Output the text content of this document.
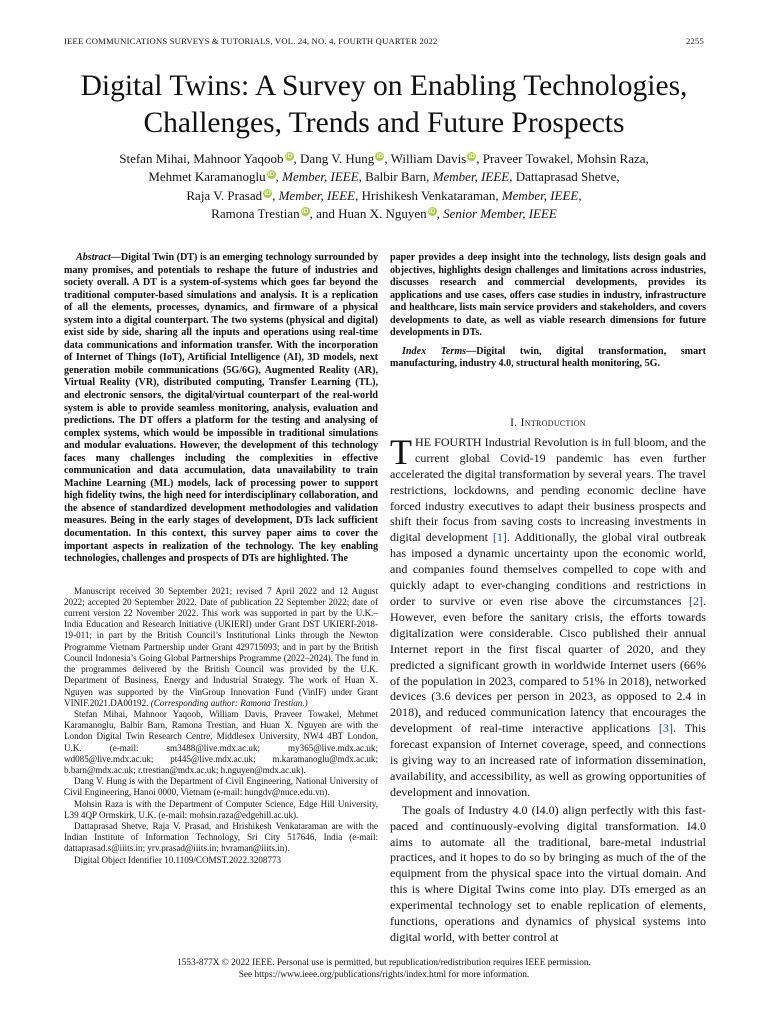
IEEE COMMUNICATIONS SURVEYS & TUTORIALS, VOL. 24, NO. 4, FOURTH QUARTER 2022	2255
Digital Twins: A Survey on Enabling Technologies,
Challenges, Trends and Future Prospects
Stefan Mihai, Mahnoor Yaqoob iD, Dang V. Hung iD, William Davis iD, Praveer Towakel, Mohsin Raza,
Mehmet Karamanoglu iD, Member, IEEE, Balbir Barn, Member, IEEE, Dattaprasad Shetve,
Raja V. Prasad iD, Member, IEEE, Hrishikesh Venkataraman, Member, IEEE,
Ramona Trestian iD, and Huan X. Nguyen iD, Senior Member, IEEE

Abstract—Digital Twin (DT) is an emerging technology surrounded by many promises, and potentials to reshape the future of industries and society overall. A DT is a system-of-systems which goes far beyond the traditional computer-based simulations and analysis. It is a replication of all the elements, processes, dynamics, and firmware of a physical system into a digital counterpart. The two systems (physical and digital) exist side by side, sharing all the inputs and operations using real-time data communications and information transfer. With the incorporation of Internet of Things (IoT), Artificial Intelligence (AI), 3D models, next generation mobile communications (5G/6G), Augmented Reality (AR), Virtual Reality (VR), distributed computing, Transfer Learning (TL), and electronic sensors, the digital/virtual counterpart of the real-world system is able to provide seamless monitoring, analysis, evaluation and predictions. The DT offers a platform for the testing and analysing of complex systems, which would be impossible in traditional simulations and modular evaluations. However, the development of this technology faces many challenges including the complexities in effective communication and data accumulation, data unavailability to train Machine Learning (ML) models, lack of processing power to support high fidelity twins, the high need for interdisciplinary collaboration, and the absence of standardized development methodologies and validation measures. Being in the early stages of development, DTs lack sufficient documentation. In this context, this survey paper aims to cover the important aspects in realization of the technology. The key enabling technologies, challenges and prospects of DTs are highlighted. The

Manuscript received 30 September 2021; revised 7 April 2022 and 12 August 2022; accepted 20 September 2022. Date of publication 22 September 2022; date of current version 22 November 2022. This work was supported in part by the U.K.–India Education and Research Initiative (UKIERI) under Grant DST UKIERI-2018-19-011; in part by the British Council’s Institutional Links through the Newton Programme Vietnam Partnership under Grant 429715093; and in part by the British Council Indonesia’s Going Global Partnerships Programme (2022–2024). The fund in the programmes delivered by the British Council was provided by the U.K. Department of Business, Energy and Industrial Strategy. The work of Huan X. Nguyen was supported by the VinGroup Innovation Fund (VinIF) under Grant VINIF.2021.DA00192. (Corresponding author: Ramona Trestian.)

Stefan Mihai, Mahnoor Yaqoob, William Davis, Praveer Towakel, Mehmet Karamanoglu, Balbir Barn, Ramona Trestian, and Huan X. Nguyen are with the London Digital Twin Research Centre, Middlesex University, NW4 4BT London, U.K. (e-mail: sm3488@live.mdx.ac.uk; my365@live.mdx.ac.uk; wd085@live.mdx.ac.uk; pt445@live.mdx.ac.uk; m.karamanoglu@mdx.ac.uk; b.barn@mdx.ac.uk; r.trestian@mdx.ac.uk; h.nguyen@mdx.ac.uk).

Dang V. Hung is with the Department of Civil Engineering, National University of Civil Engineering, Hanoi 0000, Vietnam (e-mail: hungdv@nuce.edu.vn).

Mohsin Raza is with the Department of Computer Science, Edge Hill University, L39 4QP Ormskirk, U.K. (e-mail: mohsin.raza@edgehill.ac.uk).

Dattaprasad Shetve, Raja V. Prasad, and Hrishikesh Venkataraman are with the Indian Institute of Information Technology, Sri City 517646, India (e-mail: dattaprasad.s@iiits.in; yrv.prasad@iiits.in; hvraman@iiits.in).

Digital Object Identifier 10.1109/COMST.2022.3208773

paper provides a deep insight into the technology, lists design goals and objectives, highlights design challenges and limitations across industries, discusses research and commercial developments, provides its applications and use cases, offers case studies in industry, infrastructure and healthcare, lists main service providers and stakeholders, and covers developments to date, as well as viable research dimensions for future developments in DTs.

Index Terms—Digital twin, digital transformation, smart manufacturing, industry 4.0, structural health monitoring, 5G.

I. Introduction

THE FOURTH Industrial Revolution is in full bloom, and the current global Covid-19 pandemic has even further accelerated the digital transformation by several years. The travel restrictions, lockdowns, and pending economic decline have forced industry executives to adapt their business prospects and shift their focus from saving costs to increasing investments in digital development [1]. Additionally, the global viral outbreak has imposed a dynamic uncertainty upon the economic world, and companies found themselves compelled to cope with and quickly adapt to ever-changing conditions and restrictions in order to survive or even rise above the circumstances [2]. However, even before the sanitary crisis, the efforts towards digitalization were considerable. Cisco published their annual Internet report in the first fiscal quarter of 2020, and they predicted a significant growth in worldwide Internet users (66% of the population in 2023, compared to 51% in 2018), networked devices (3.6 devices per person in 2023, as opposed to 2.4 in 2018), and reduced communication latency that encourages the development of real-time interactive applications [3]. This forecast expansion of Internet coverage, speed, and connections is giving way to an increased rate of information dissemination, availability, and accessibility, as well as growing opportunities of development and innovation.

The goals of Industry 4.0 (I4.0) align perfectly with this fast-paced and continuously-evolving digital transformation. I4.0 aims to automate all the traditional, bare-metal industrial practices, and it hopes to do so by bringing as much of the of the equipment from the physical space into the virtual domain. And this is where Digital Twins come into play. DTs emerged as an experimental technology set to enable replication of elements, functions, operations and dynamics of physical systems into digital world, with better control at

1553-877X © 2022 IEEE. Personal use is permitted, but republication/redistribution requires IEEE permission.
See https://www.ieee.org/publications/rights/index.html for more information.
